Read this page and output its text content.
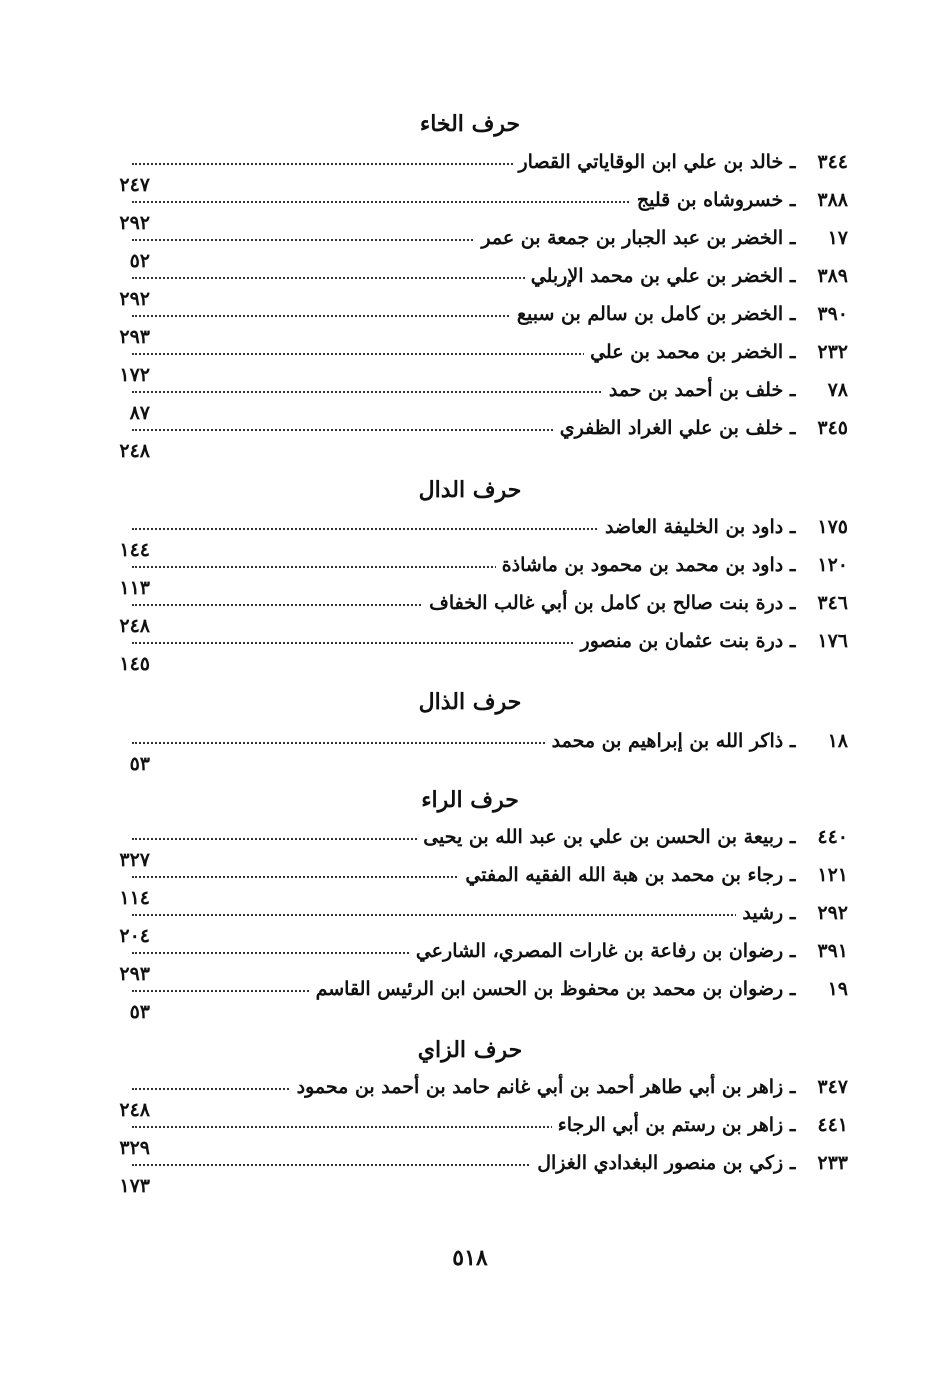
حرف الخاء
٣٤٤ ـ خالد بن علي ابن الوقاياتي القصار
٢٤٧
٣٨٨ ـ خسروشاه بن قليج
٢٩٢
١٧ ـ الخضر بن عبد الجبار بن جمعة بن عمر
٥٢
٣٨٩ ـ الخضر بن علي بن محمد الإربلي
٢٩٢
٣٩٠ ـ الخضر بن كامل بن سالم بن سبيع
٢٩٣
٢٣٢ ـ الخضر بن محمد بن علي
١٧٢
٧٨ ـ خلف بن أحمد بن حمد
٨٧
٣٤٥ ـ خلف بن علي الغراد الظفري
٢٤٨
حرف الدال
١٧٥ ـ داود بن الخليفة العاضد
١٤٤
١٢٠ ـ داود بن محمد بن محمود بن ماشاذة
١١٣
٣٤٦ ـ درة بنت صالح بن كامل بن أبي غالب الخفاف
٢٤٨
١٧٦ ـ درة بنت عثمان بن منصور
١٤٥
حرف الذال
١٨ ـ ذاكر الله بن إبراهيم بن محمد
٥٣
حرف الراء
٤٤٠ ـ ربيعة بن الحسن بن علي بن عبد الله بن يحيى
٣٢٧
١٢١ ـ رجاء بن محمد بن هبة الله الفقيه المفتي
١١٤
٢٩٢ ـ رشيد
٢٠٤
٣٩١ ـ رضوان بن رفاعة بن غارات المصري، الشارعي
٢٩٣
١٩ ـ رضوان بن محمد بن محفوظ بن الحسن ابن الرئيس القاسم
٥٣
حرف الزاي
٣٤٧ ـ زاهر بن أبي طاهر أحمد بن أبي غانم حامد بن أحمد بن محمود
٢٤٨
٤٤١ ـ زاهر بن رستم بن أبي الرجاء
٣٢٩
٢٣٣ ـ زكي بن منصور البغدادي الغزال
١٧٣
٥١٨
